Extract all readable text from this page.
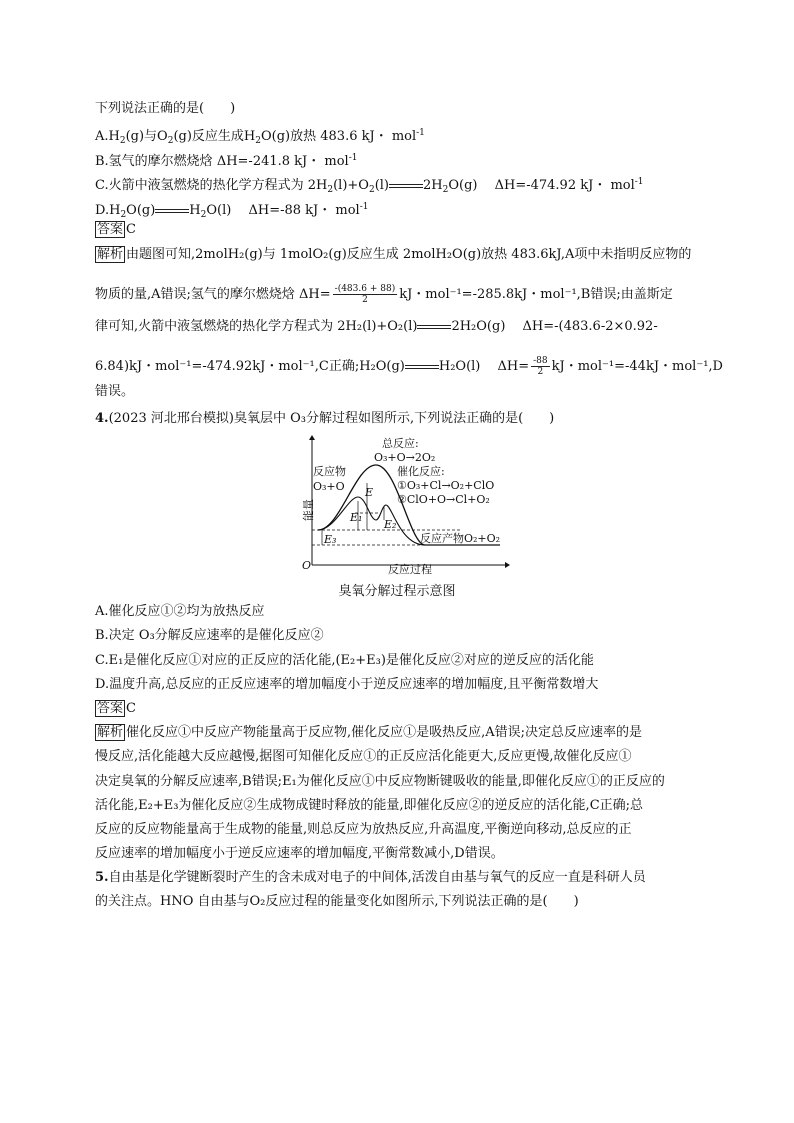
下列说法正确的是(　　)
$A.H_2(g)$与$O_2(g)$反应生成$H_2O(g)$放热 483.6 kJ・ mol$^{-1}$
B.氢气的摩尔燃烧焓 ΔH=-241.8 kJ・ mol$^{-1}$
C.火箭中液氢燃烧的热化学方程式为 $2H_2(l)+O_2(l)$	$2H_2O(g)$　 ΔH=-474.92 kJ・ mol$^{-1}$
$D.H_2O(g)$	$H_2O(l)$　 ΔH=-88 kJ・ mol$^{-1}$
答案 C
解析 由题图可知,2molH₂(g)与 1molO₂(g)反应生成 2molH₂O(g)放热 483.6kJ,A项中未指明反应物的
物质的量,A错误;氢气的摩尔燃烧焓 $\Delta H= \frac{-(483.6 + 88)}{2}$ kJ・mol⁻¹=-285.8kJ・mol⁻¹,B错误;由盖斯定
律可知,火箭中液氢燃烧的热化学方程式为 2H₂(l)+O₂(l)	2H₂O(g)　 ΔH=-(483.6-2×0.92-
6.84)kJ・mol⁻¹=-474.92kJ・mol⁻¹,C正确;H₂O(g)	H₂O(l)　 $\Delta H= \frac{-88}{2}$ kJ・mol⁻¹=-44kJ・mol⁻¹,D
错误。
4.(2023 河北邢台模拟)臭氧层中 O₃分解过程如图所示,下列说法正确的是(　　)
总反应:
O₃+O→2O₂
反应物
O₃+O
催化反应:
①O₃+Cl→O₂+ClO
②ClO+O→Cl+O₂
能量
E
E₁
E₂
E₃	反应产物O₂+O₂
O	反应过程
臭氧分解过程示意图
A.催化反应①②均为放热反应
B.决定 O₃分解反应速率的是催化反应②
C.E₁是催化反应①对应的正反应的活化能,(E₂+E₃)是催化反应②对应的逆反应的活化能
D.温度升高,总反应的正反应速率的增加幅度小于逆反应速率的增加幅度,且平衡常数增大
答案 C
解析 催化反应①中反应产物能量高于反应物,催化反应①是吸热反应,A错误;决定总反应速率的是
慢反应,活化能越大反应越慢,据图可知催化反应①的正反应活化能更大,反应更慢,故催化反应①
决定臭氧的分解反应速率,B错误;E₁为催化反应①中反应物断键吸收的能量,即催化反应①的正反应的
活化能,E₂+E₃为催化反应②生成物成键时释放的能量,即催化反应②的逆反应的活化能,C正确;总
反应的反应物能量高于生成物的能量,则总反应为放热反应,升高温度,平衡逆向移动,总反应的正
反应速率的增加幅度小于逆反应速率的增加幅度,平衡常数减小,D错误。
5.自由基是化学键断裂时产生的含未成对电子的中间体,活泼自由基与氧气的反应一直是科研人员
的关注点。HNO 自由基与O₂反应过程的能量变化如图所示,下列说法正确的是(　　)
